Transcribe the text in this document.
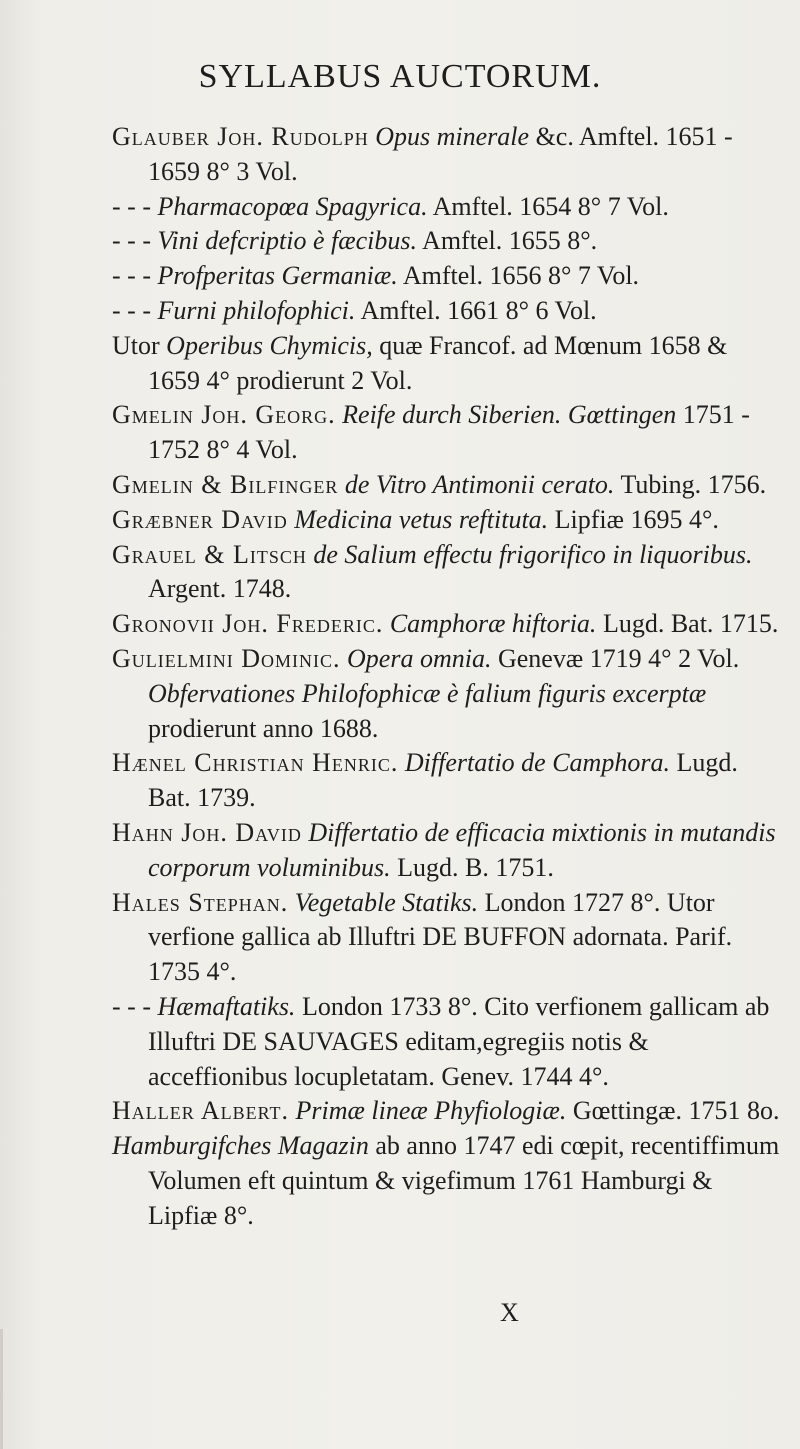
SYLLABUS AUCTORUM.

Glauber Joh. Rudolph Opus minerale &c. Amftel. 1651 - 1659 8° 3 Vol.

- - - Pharmacopœa Spagyrica. Amftel. 1654 8° 7 Vol.

- - - Vini defcriptio è fæcibus. Amftel. 1655 8°.

- - - Profperitas Germaniæ. Amftel. 1656 8° 7 Vol.

- - - Furni philofophici. Amftel. 1661 8° 6 Vol.

Utor Operibus Chymicis, quæ Francof. ad Mœnum 1658 & 1659 4° prodierunt 2 Vol.

Gmelin Joh. Georg. Reife durch Siberien. Gœttingen 1751 - 1752 8° 4 Vol.

Gmelin & Bilfinger de Vitro Antimonii cerato. Tubing. 1756.

Græbner David Medicina vetus reftituta. Lipfiæ 1695 4°.

Grauel & Litsch de Salium effectu frigorifico in liquoribus. Argent. 1748.

Gronovii Joh. Frederic. Camphoræ hiftoria. Lugd. Bat. 1715.

Gulielmini Dominic. Opera omnia. Genevæ 1719 4° 2 Vol. Obfervationes Philofophicæ è falium figuris excerptæ prodierunt anno 1688.

Hænel Christian Henric. Differtatio de Camphora. Lugd. Bat. 1739.

Hahn Joh. David Differtatio de efficacia mixtionis in mutandis corporum voluminibus. Lugd. B. 1751.

Hales Stephan. Vegetable Statiks. London 1727 8°. Utor verfione gallica ab Illuftri DE BUFFON adornata. Parif. 1735 4°.

- - - Hæmaftatiks. London 1733 8°. Cito verfionem gallicam ab Illuftri DE SAUVAGES editam,egregiis notis & acceffionibus locupletatam. Genev. 1744 4°.

Haller Albert. Primæ lineæ Phyfiologiæ. Gœttingæ. 1751 8o.

Hamburgifches Magazin ab anno 1747 edi cœpit, recentiffimum Volumen eft quintum & vigefimum 1761 Hamburgi & Lipfiæ 8°.

X
